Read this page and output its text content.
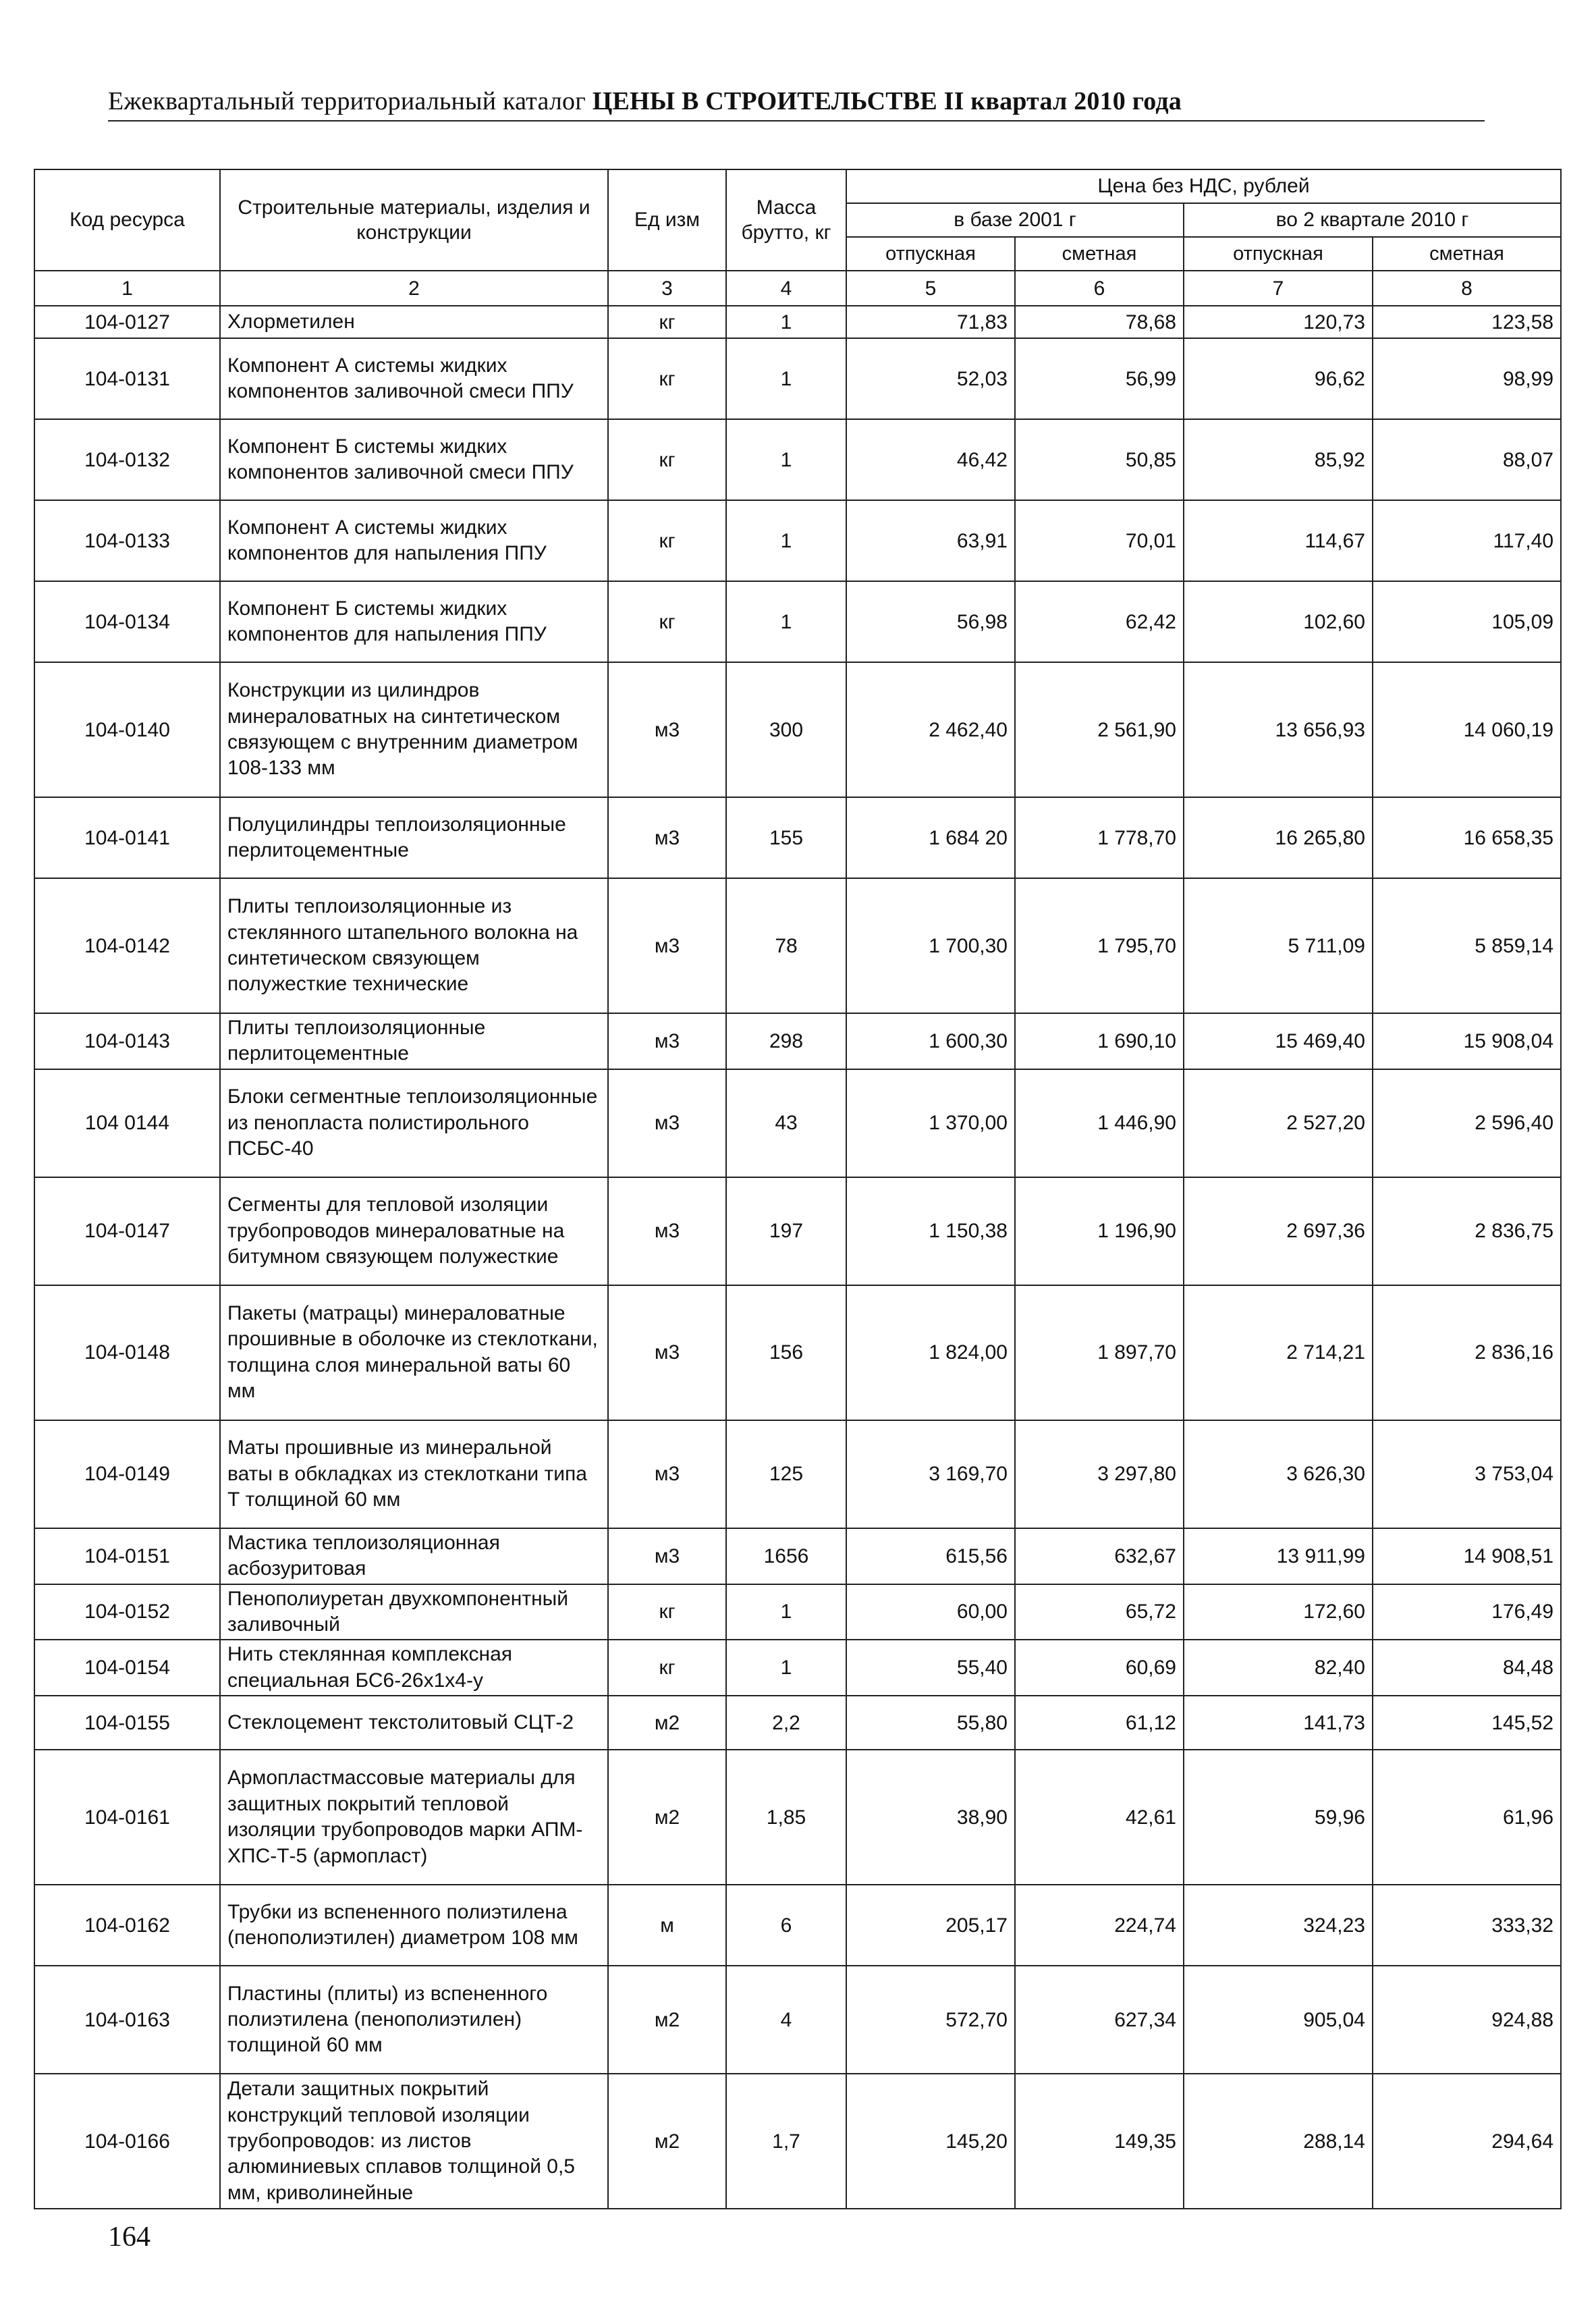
Ежеквартальный территориальный каталог ЦЕНЫ В СТРОИТЕЛЬСТВЕ II квартал 2010 года
Код ресурса	Строительные материалы, изделия и конструкции	Ед изм	Масса брутто, кг	Цена без НДС, рублей			
				в базе 2001 г		во 2 квартале 2010 г	
				отпускная	сметная	отпускная	сметная
1	2	3	4	5	6	7	8
104-0127	Хлорметилен	кг	1	71,83	78,68	120,73	123,58
104-0131	Компонент А системы жидких компонентов заливочной смеси ППУ	кг	1	52,03	56,99	96,62	98,99
104-0132	Компонент Б системы жидких компонентов заливочной смеси ППУ	кг	1	46,42	50,85	85,92	88,07
104-0133	Компонент А системы жидких компонентов для напыления ППУ	кг	1	63,91	70,01	114,67	117,40
104-0134	Компонент Б системы жидких компонентов для напыления ППУ	кг	1	56,98	62,42	102,60	105,09
104-0140	Конструкции из цилиндров минераловатных на синтетическом связующем с внутренним диаметром 108-133 мм	м3	300	2 462,40	2 561,90	13 656,93	14 060,19
104-0141	Полуцилиндры теплоизоляционные перлитоцементные	м3	155	1 684 20	1 778,70	16 265,80	16 658,35
104-0142	Плиты теплоизоляционные из стеклянного штапельного волокна на синтетическом связующем полужесткие технические	м3	78	1 700,30	1 795,70	5 711,09	5 859,14
104-0143	Плиты теплоизоляционные перлитоцементные	м3	298	1 600,30	1 690,10	15 469,40	15 908,04
104 0144	Блоки сегментные теплоизоляционные из пенопласта полистирольного ПСБС-40	м3	43	1 370,00	1 446,90	2 527,20	2 596,40
104-0147	Сегменты для тепловой изоляции трубопроводов минераловатные на битумном связующем полужесткие	м3	197	1 150,38	1 196,90	2 697,36	2 836,75
104-0148	Пакеты (матрацы) минераловатные прошивные в оболочке из стеклоткани, толщина слоя минеральной ваты 60 мм	м3	156	1 824,00	1 897,70	2 714,21	2 836,16
104-0149	Маты прошивные из минеральной ваты в обкладках из стеклоткани типа Т толщиной 60 мм	м3	125	3 169,70	3 297,80	3 626,30	3 753,04
104-0151	Мастика теплоизоляционная асбозуритовая	м3	1656	615,56	632,67	13 911,99	14 908,51
104-0152	Пенополиуретан двухкомпонентный заливочный	кг	1	60,00	65,72	172,60	176,49
104-0154	Нить стеклянная комплексная специальная БС6-26х1х4-у	кг	1	55,40	60,69	82,40	84,48
104-0155	Стеклоцемент текстолитовый СЦТ-2	м2	2,2	55,80	61,12	141,73	145,52
104-0161	Армопластмассовые материалы для защитных покрытий тепловой изоляции трубопроводов марки АПМ-ХПС-Т-5 (армопласт)	м2	1,85	38,90	42,61	59,96	61,96
104-0162	Трубки из вспененного полиэтилена (пенополиэтилен) диаметром 108 мм	м	6	205,17	224,74	324,23	333,32
104-0163	Пластины (плиты) из вспененного полиэтилена (пенополиэтилен) толщиной 60 мм	м2	4	572,70	627,34	905,04	924,88
104-0166	Детали защитных покрытий конструкций тепловой изоляции трубопроводов: из листов алюминиевых сплавов толщиной 0,5 мм, криволинейные	м2	1,7	145,20	149,35	288,14	294,64
164
